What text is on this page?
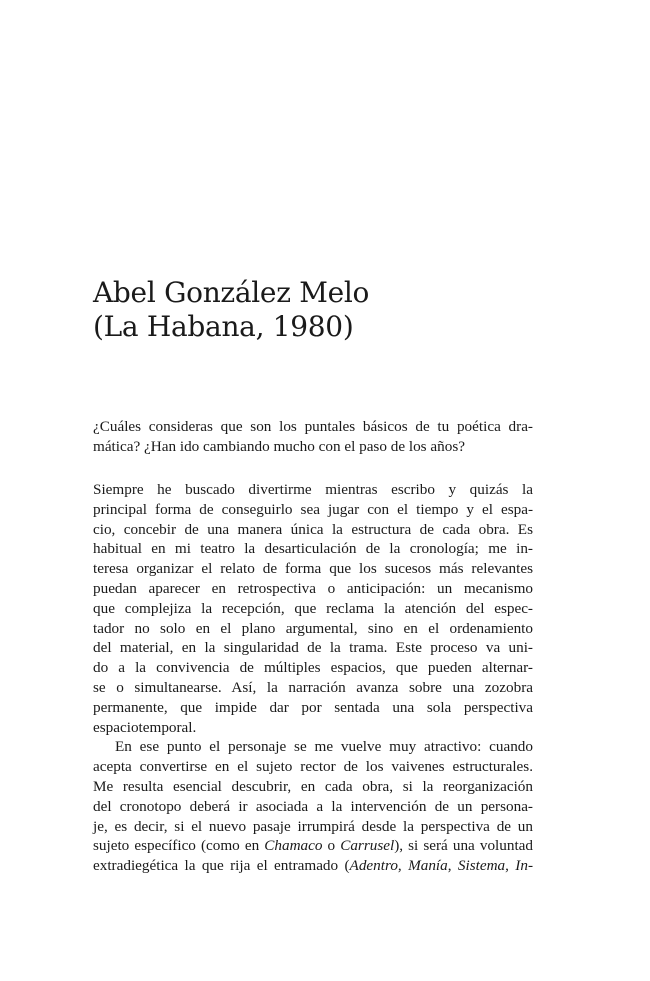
Abel González Melo
(La Habana, 1980)
¿Cuáles consideras que son los puntales básicos de tu poética dra-
mática? ¿Han ido cambiando mucho con el paso de los años?
Siempre he buscado divertirme mientras escribo y quizás la
principal forma de conseguirlo sea jugar con el tiempo y el espa-
cio, concebir de una manera única la estructura de cada obra. Es
habitual en mi teatro la desarticulación de la cronología; me in-
teresa organizar el relato de forma que los sucesos más relevantes
puedan aparecer en retrospectiva o anticipación: un mecanismo
que complejiza la recepción, que reclama la atención del espec-
tador no solo en el plano argumental, sino en el ordenamiento
del material, en la singularidad de la trama. Este proceso va uni-
do a la convivencia de múltiples espacios, que pueden alternar-
se o simultanearse. Así, la narración avanza sobre una zozobra
permanente, que impide dar por sentada una sola perspectiva
espaciotemporal.
En ese punto el personaje se me vuelve muy atractivo: cuando
acepta convertirse en el sujeto rector de los vaivenes estructurales.
Me resulta esencial descubrir, en cada obra, si la reorganización
del cronotopo deberá ir asociada a la intervención de un persona-
je, es decir, si el nuevo pasaje irrumpirá desde la perspectiva de un
sujeto específico (como en Chamaco o Carrusel), si será una voluntad
extradiegética la que rija el entramado (Adentro, Manía, Sistema, In-
